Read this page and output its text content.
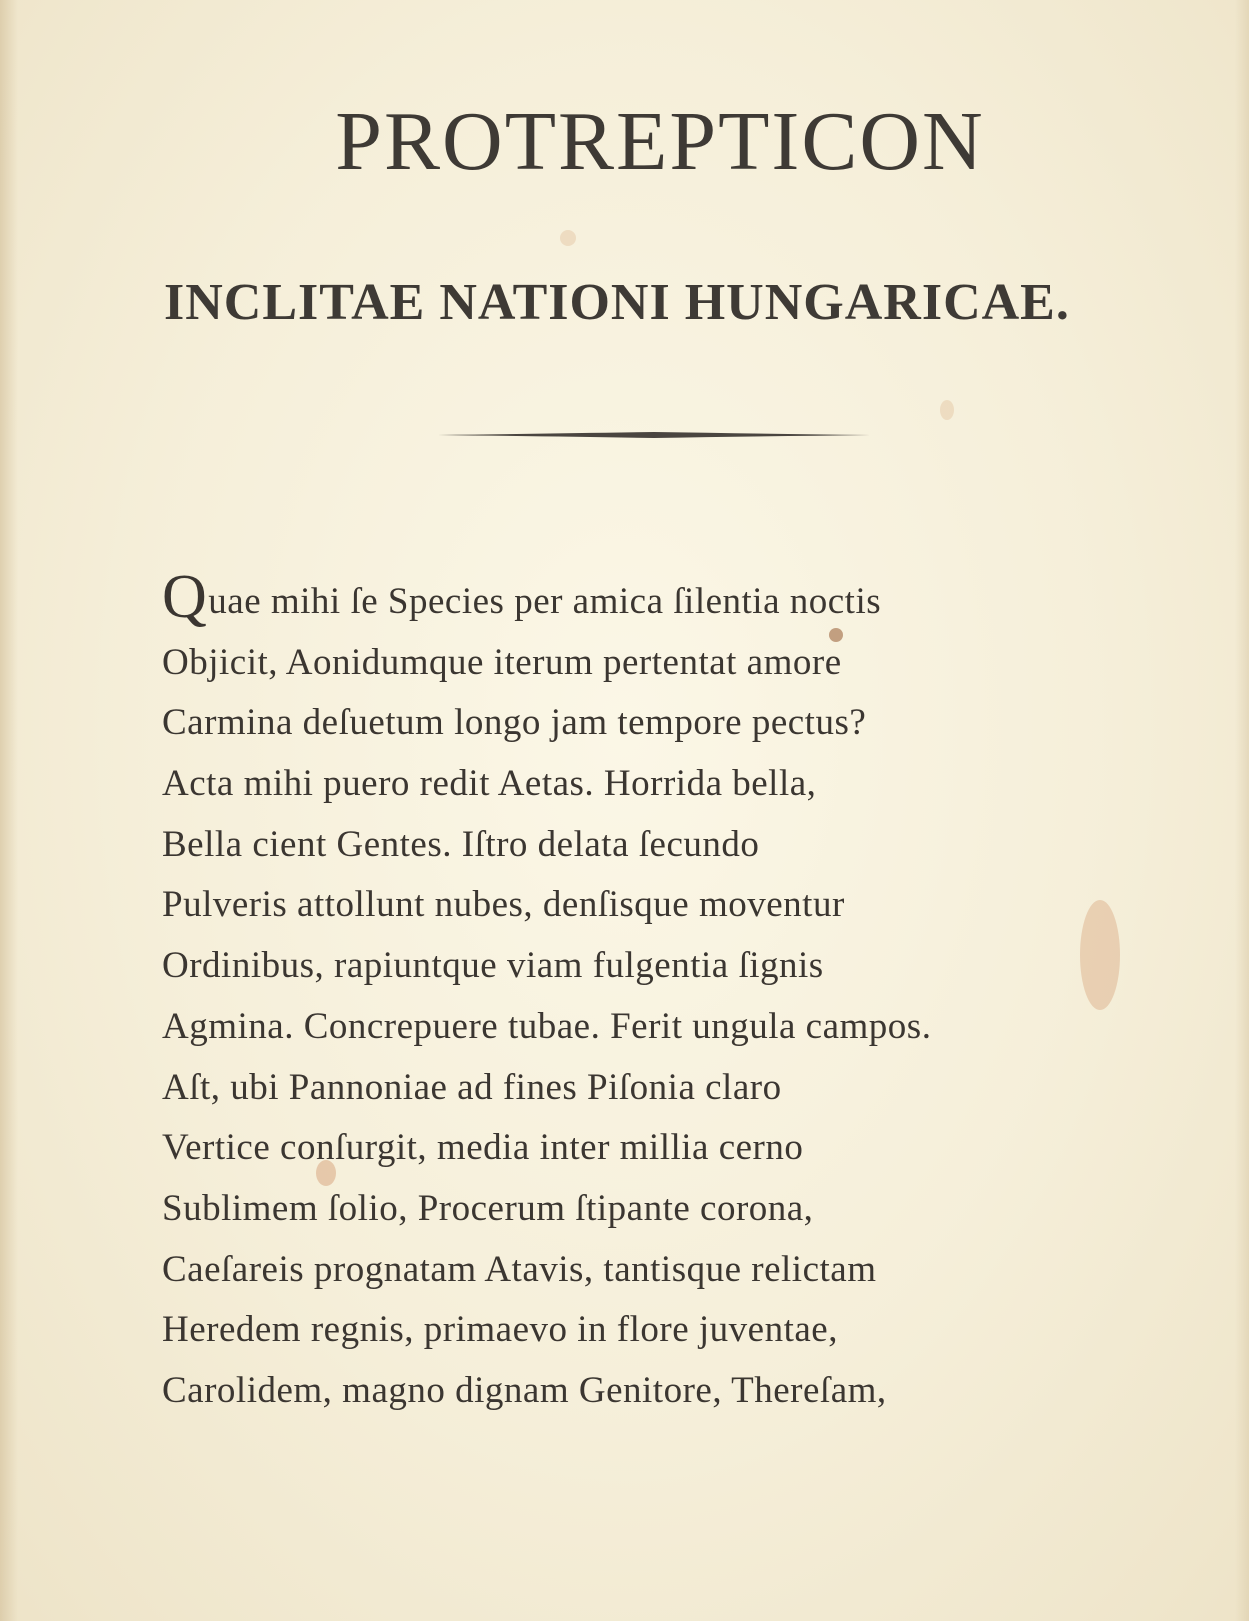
PROTREPTICON
INCLITAE NATIONI HUNGARICAE.
Quae mihi ſe Species per amica ſilentia noctis
Objicit, Aonidumque iterum pertentat amore
Carmina deſuetum longo jam tempore pectus?
Acta mihi puero redit Aetas. Horrida bella,
Bella cient Gentes. Iſtro delata ſecundo
Pulveris attollunt nubes, denſisque moventur
Ordinibus, rapiuntque viam fulgentia ſignis
Agmina. Concrepuere tubae. Ferit ungula campos.
Aſt, ubi Pannoniae ad fines Piſonia claro
Vertice conſurgit, media inter millia cerno
Sublimem ſolio, Procerum ſtipante corona,
Caeſareis prognatam Atavis, tantisque relictam
Heredem regnis, primaevo in flore juventae,
Carolidem, magno dignam Genitore, Thereſam,
